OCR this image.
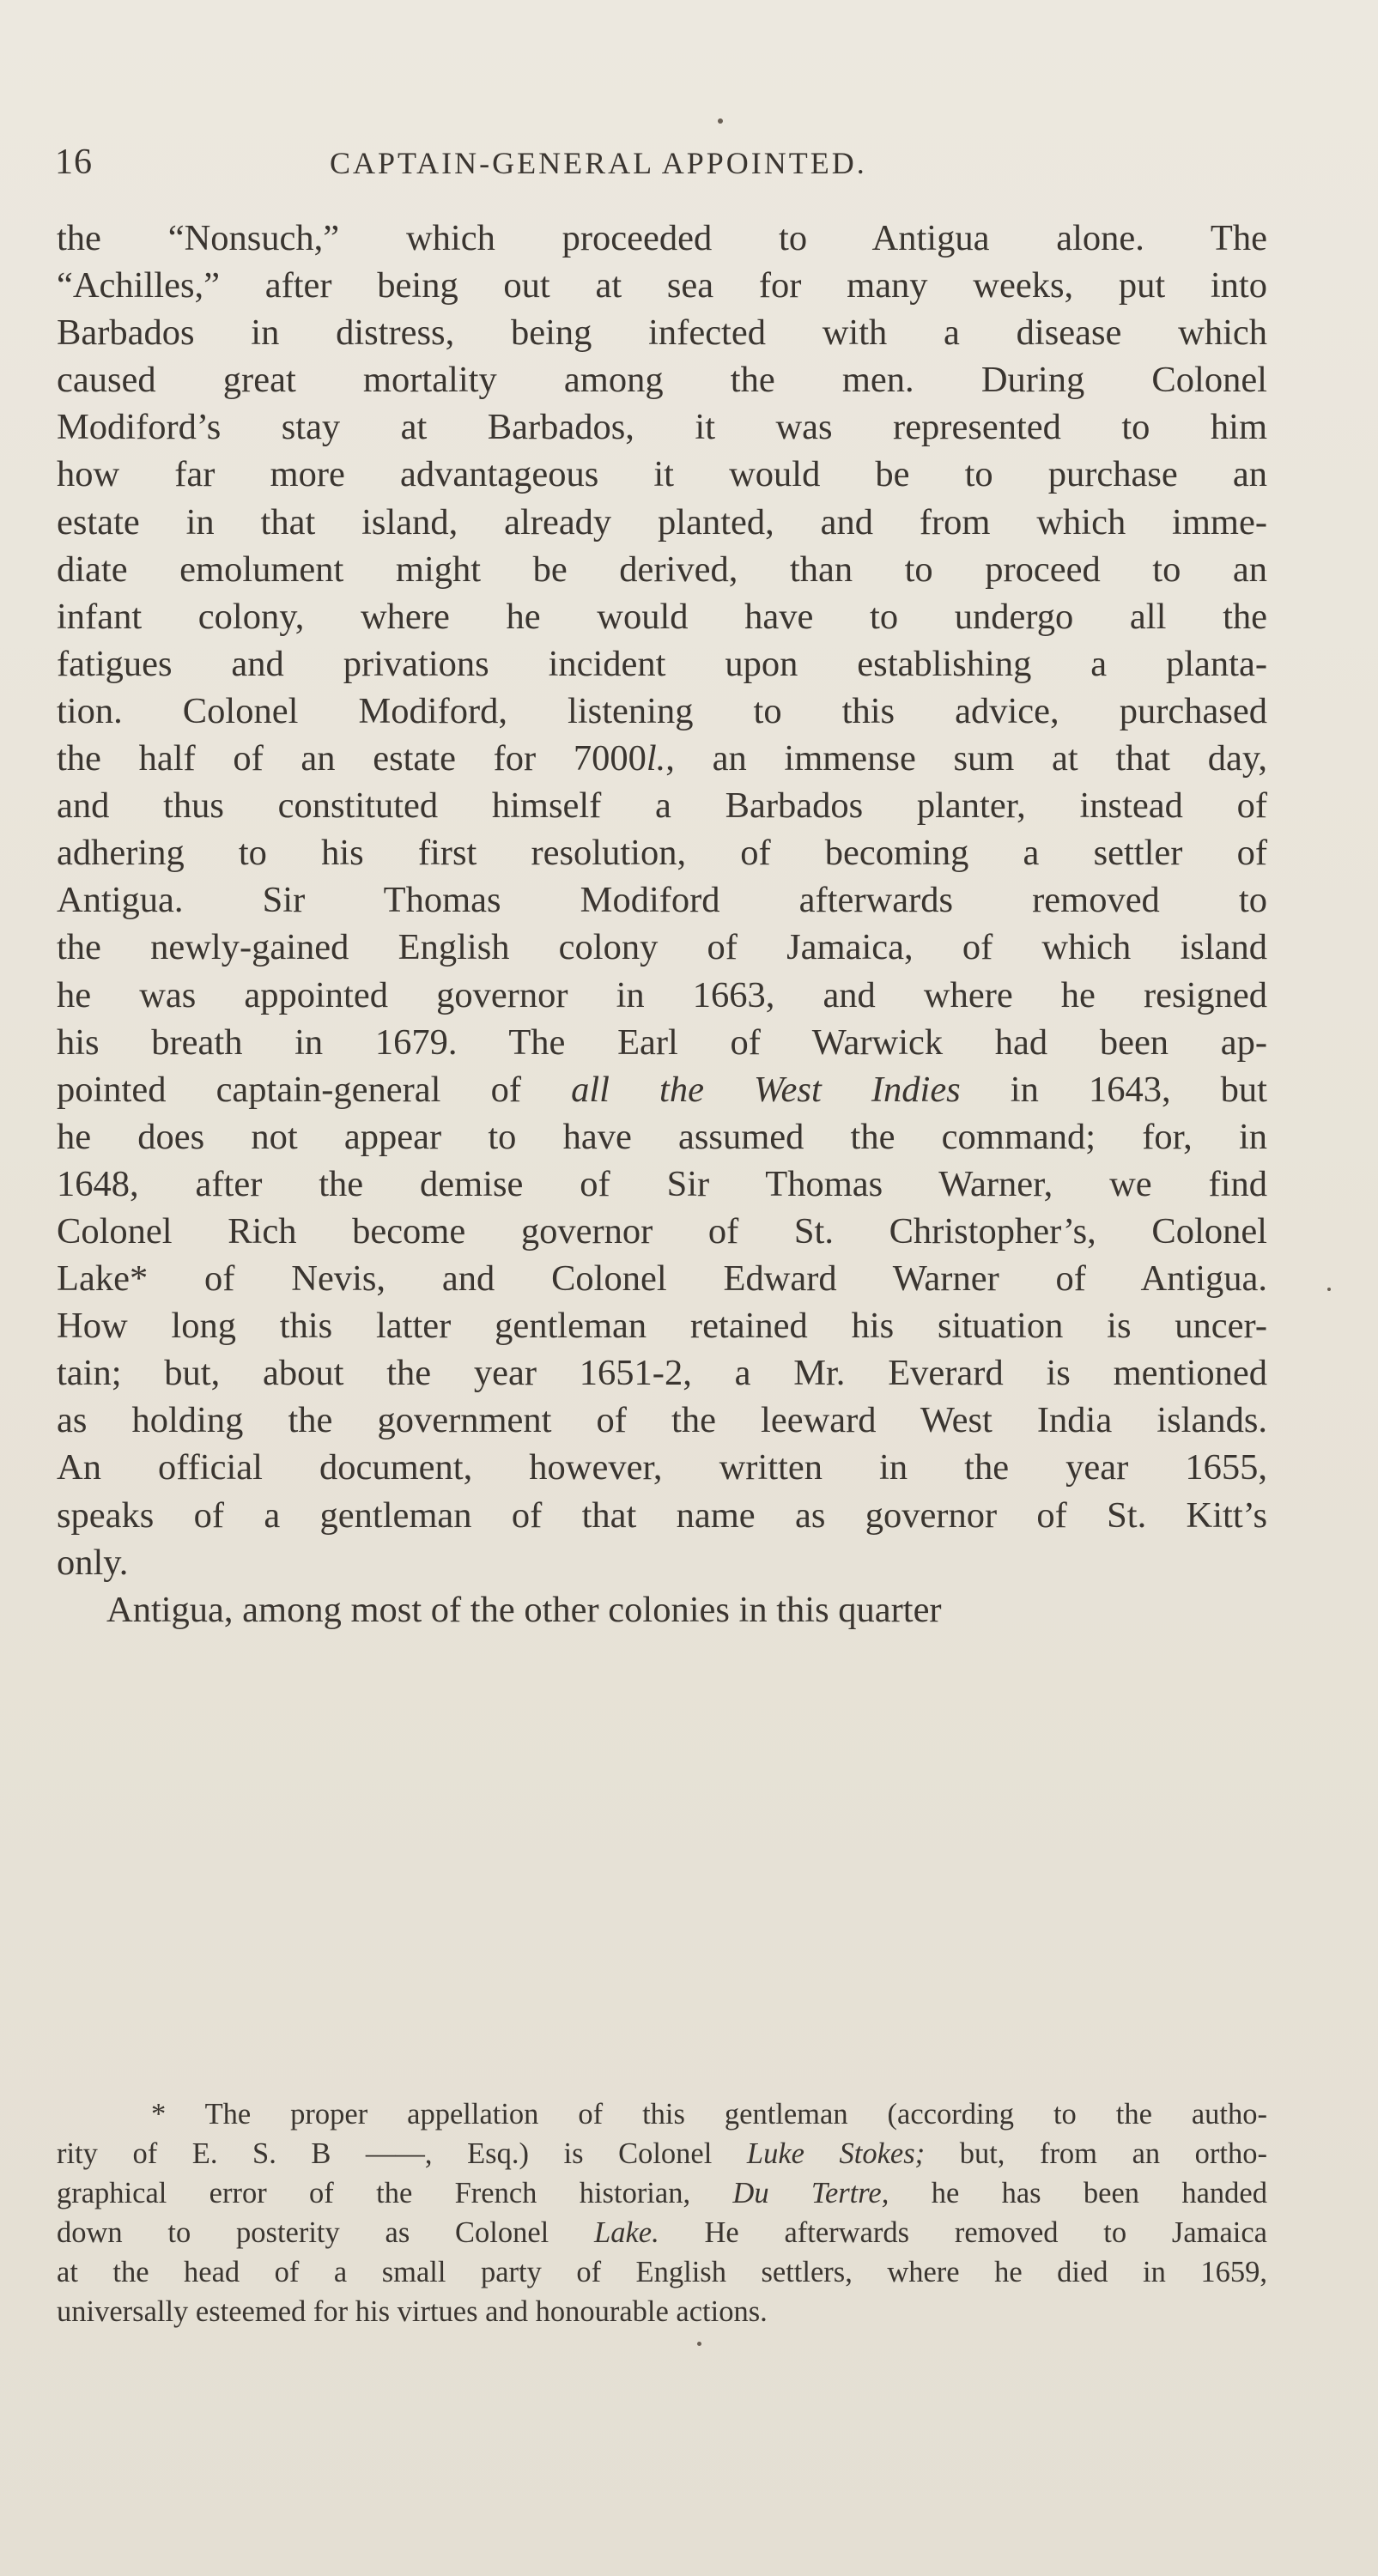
16	CAPTAIN-GENERAL APPOINTED.
the “Nonsuch,” which proceeded to Antigua alone. The
“Achilles,” after being out at sea for many weeks, put into
Barbados in distress, being infected with a disease which
caused great mortality among the men. During Colonel
Modiford’s stay at Barbados, it was represented to him
how far more advantageous it would be to purchase an
estate in that island, already planted, and from which imme-
diate emolument might be derived, than to proceed to an
infant colony, where he would have to undergo all the
fatigues and privations incident upon establishing a planta-
tion. Colonel Modiford, listening to this advice, purchased
the half of an estate for 7000l., an immense sum at that day,
and thus constituted himself a Barbados planter, instead of
adhering to his first resolution, of becoming a settler of
Antigua. Sir Thomas Modiford afterwards removed to
the newly-gained English colony of Jamaica, of which island
he was appointed governor in 1663, and where he resigned
his breath in 1679. The Earl of Warwick had been ap-
pointed captain-general of all the West Indies in 1643, but
he does not appear to have assumed the command; for, in
1648, after the demise of Sir Thomas Warner, we find
Colonel Rich become governor of St. Christopher’s, Colonel
Lake* of Nevis, and Colonel Edward Warner of Antigua.
How long this latter gentleman retained his situation is uncer-
tain; but, about the year 1651-2, a Mr. Everard is mentioned
as holding the government of the leeward West India islands.
An official document, however, written in the year 1655,
speaks of a gentleman of that name as governor of St. Kitt’s
only.
Antigua, among most of the other colonies in this quarter
* The proper appellation of this gentleman (according to the autho-
rity of E. S. B ——, Esq.) is Colonel Luke Stokes; but, from an ortho-
graphical error of the French historian, Du Tertre, he has been handed
down to posterity as Colonel Lake. He afterwards removed to Jamaica
at the head of a small party of English settlers, where he died in 1659,
universally esteemed for his virtues and honourable actions.
